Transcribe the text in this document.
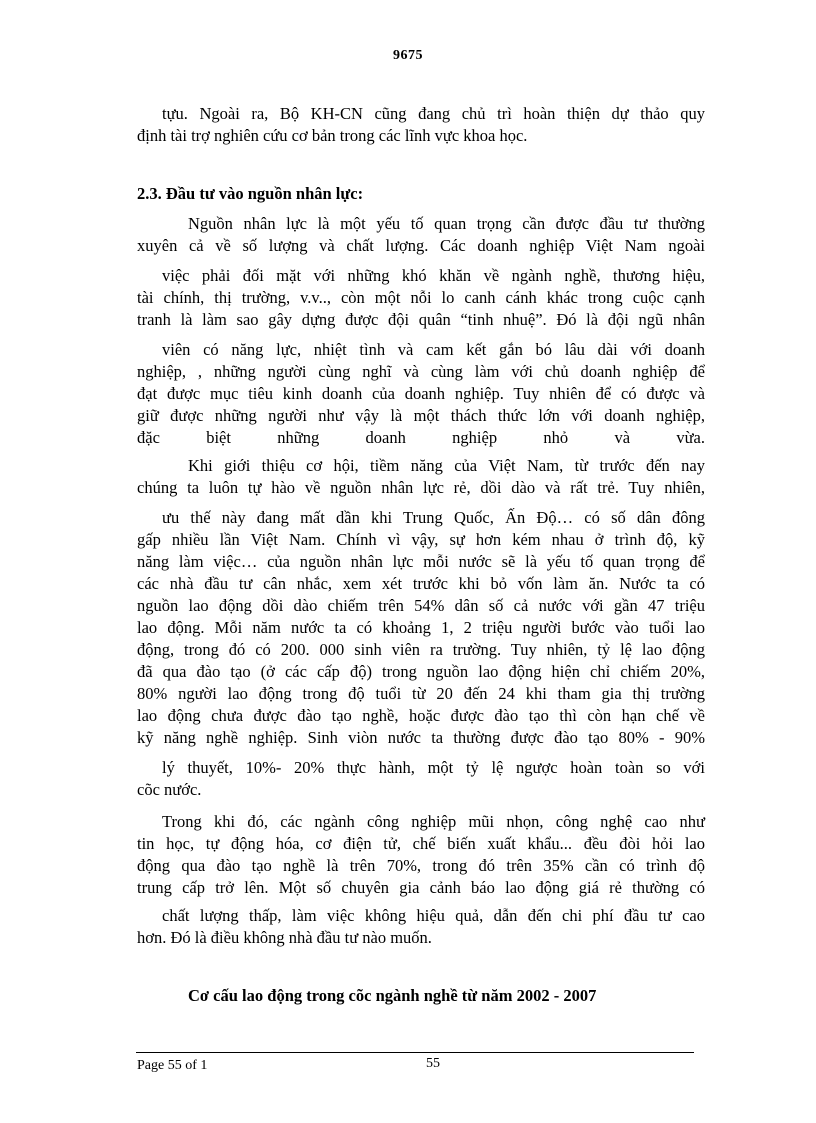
9675
tựu. Ngoài ra, Bộ KH-CN cũng đang chủ trì hoàn thiện dự thảo quy
định tài trợ nghiên cứu cơ bản trong các lĩnh vực khoa học.
2.3. Đầu tư vào nguồn nhân lực:
Nguồn nhân lực là một yếu tố quan trọng cần được đầu tư thường
xuyên cả về số lượng và chất lượng. Các doanh nghiệp Việt Nam ngoài
việc phải đối mặt với những khó khăn về ngành nghề, thương hiệu,
tài chính, thị trường, v.v.., còn một nỗi lo canh cánh khác trong cuộc cạnh
tranh là làm sao gây dựng được đội quân “tinh nhuệ”. Đó là đội ngũ nhân
viên có năng lực, nhiệt tình và cam kết gắn bó lâu dài với doanh
nghiệp, , những người cùng nghĩ và cùng làm với chủ doanh nghiệp để
đạt được mục tiêu kinh doanh của doanh nghiệp. Tuy nhiên để có được và
giữ được những người như vậy là một thách thức lớn với doanh nghiệp,
đặc biệt những doanh nghiệp nhỏ và vừa.
Khi giới thiệu cơ hội, tiềm năng của Việt Nam, từ trước đến nay
chúng ta luôn tự hào về nguồn nhân lực rẻ, dồi dào và rất trẻ. Tuy nhiên,
ưu thế này đang mất dần khi Trung Quốc, Ấn Độ… có số dân đông
gấp nhiều lần Việt Nam. Chính vì vậy, sự hơn kém nhau ở trình độ, kỹ
năng làm việc… của nguồn nhân lực mỗi nước sẽ là yếu tố quan trọng để
các nhà đầu tư cân nhắc, xem xét trước khi bỏ vốn làm ăn. Nước ta có
nguồn lao động dồi dào chiếm trên 54% dân số cả nước với gần 47 triệu
lao động. Mỗi năm nước ta có khoảng 1, 2 triệu người bước vào tuổi lao
động, trong đó có 200. 000 sinh viên ra trường. Tuy nhiên, tỷ lệ lao động
đã qua đào tạo (ở các cấp độ) trong nguồn lao động hiện chỉ chiếm 20%,
80% người lao động trong độ tuổi từ 20 đến 24 khi tham gia thị trường
lao động chưa được đào tạo nghề, hoặc được đào tạo thì còn hạn chế về
kỹ năng nghề nghiệp. Sinh viòn nước ta thường được đào tạo 80% - 90%
lý thuyết, 10%- 20% thực hành, một tỷ lệ ngược hoàn toàn so với
cõc nước.
Trong khi đó, các ngành công nghiệp mũi nhọn, công nghệ cao như
tin học, tự động hóa, cơ điện tử, chế biến xuất khẩu... đều đòi hỏi lao
động qua đào tạo nghề là trên 70%, trong đó trên 35% cần có trình độ
trung cấp trở lên. Một số chuyên gia cảnh báo lao động giá rẻ thường có
chất lượng thấp, làm việc không hiệu quả, dẫn đến chi phí đầu tư cao
hơn. Đó là điều không nhà đầu tư nào muốn.
Cơ cấu lao động trong cõc ngành nghề từ năm 2002 - 2007
Page 55 of 1	55
